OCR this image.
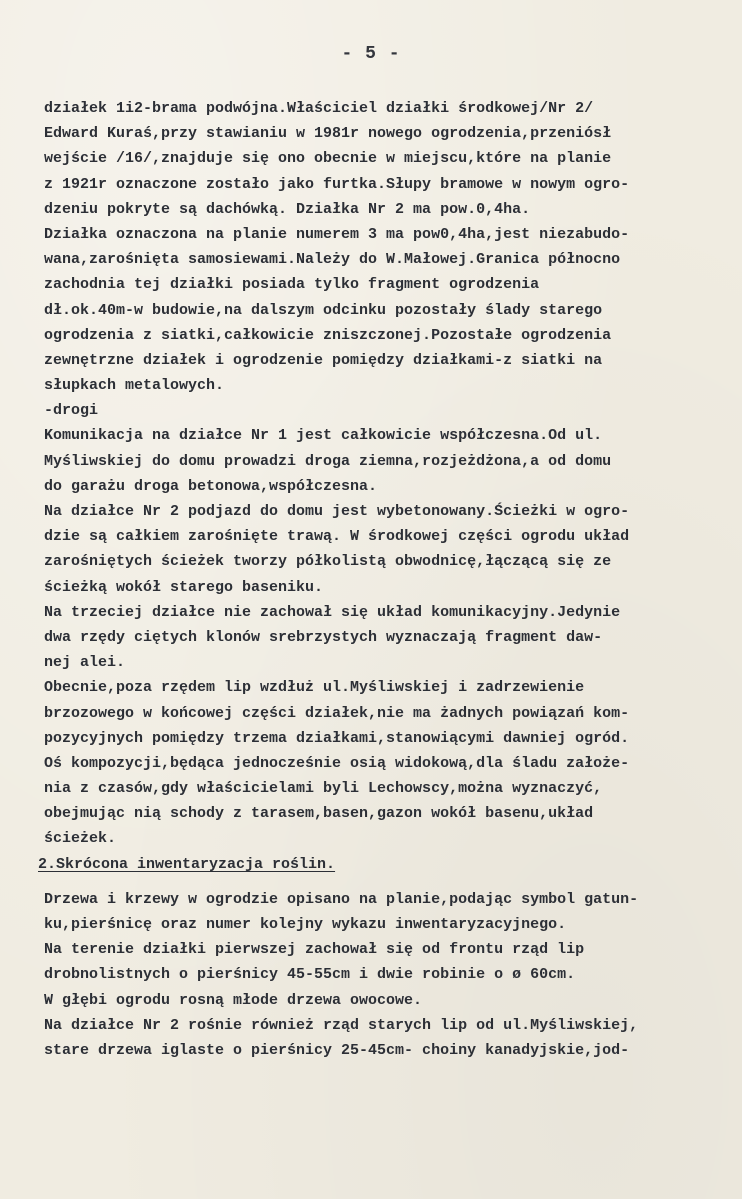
- 5 -
działek 1i2-brama podwójna.Właściciel działki środkowej/Nr 2/
Edward Kuraś,przy stawianiu w 1981r nowego ogrodzenia,przeniósł
wejście /16/,znajduje się ono obecnie w miejscu,które na planie
z 1921r oznaczone zostało jako furtka.Słupy bramowe w nowym ogro-
dzeniu pokryte są dachówką. Działka Nr 2 ma pow.0,4ha.
Działka oznaczona na planie numerem 3 ma pow0,4ha,jest niezabudo-
wana,zarośnięta samosiewami.Należy do W.Małowej.Granica północno
zachodnia tej działki posiada tylko fragment ogrodzenia
dł.ok.40m-w budowie,na dalszym odcinku pozostały ślady starego
ogrodzenia z siatki,całkowicie zniszczonej.Pozostałe ogrodzenia
zewnętrzne działek i ogrodzenie pomiędzy działkami-z siatki na
słupkach metalowych.
-drogi
Komunikacja na działce Nr 1 jest całkowicie współczesna.Od ul.
Myśliwskiej do domu prowadzi droga ziemna,rozjeżdżona,a od domu
do garażu droga betonowa,współczesna.
Na działce Nr 2 podjazd do domu jest wybetonowany.Ścieżki w ogro-
dzie są całkiem zarośnięte trawą. W środkowej części ogrodu układ
zarośniętych ścieżek tworzy półkolistą obwodnicę,łączącą się ze
ścieżką wokół starego baseniku.
Na trzeciej działce nie zachował się układ komunikacyjny.Jedynie
dwa rzędy ciętych klonów srebrzystych wyznaczają fragment daw-
nej alei.
Obecnie,poza rzędem lip wzdłuż ul.Myśliwskiej i zadrzewienie
brzozowego w końcowej części działek,nie ma żadnych powiązań kom-
pozycyjnych pomiędzy trzema działkami,stanowiącymi dawniej ogród.
Oś kompozycji,będąca jednocześnie osią widokową,dla śladu założe-
nia z czasów,gdy właścicielami byli Lechowscy,można wyznaczyć,
obejmując nią schody z tarasem,basen,gazon wokół basenu,układ
ścieżek.
2.Skrócona inwentaryzacja roślin.
Drzewa i krzewy w ogrodzie opisano na planie,podając symbol gatun-
ku,pierśnicę oraz numer kolejny wykazu inwentaryzacyjnego.
Na terenie działki pierwszej zachował się od frontu rząd lip
drobnolistnych o pierśnicy 45-55cm i dwie robinie o ø 60cm.
W głębi ogrodu rosną młode drzewa owocowe.
Na działce Nr 2 rośnie również rząd starych lip od ul.Myśliwskiej,
stare drzewa iglaste o pierśnicy 25-45cm- choiny kanadyjskie,jod-
